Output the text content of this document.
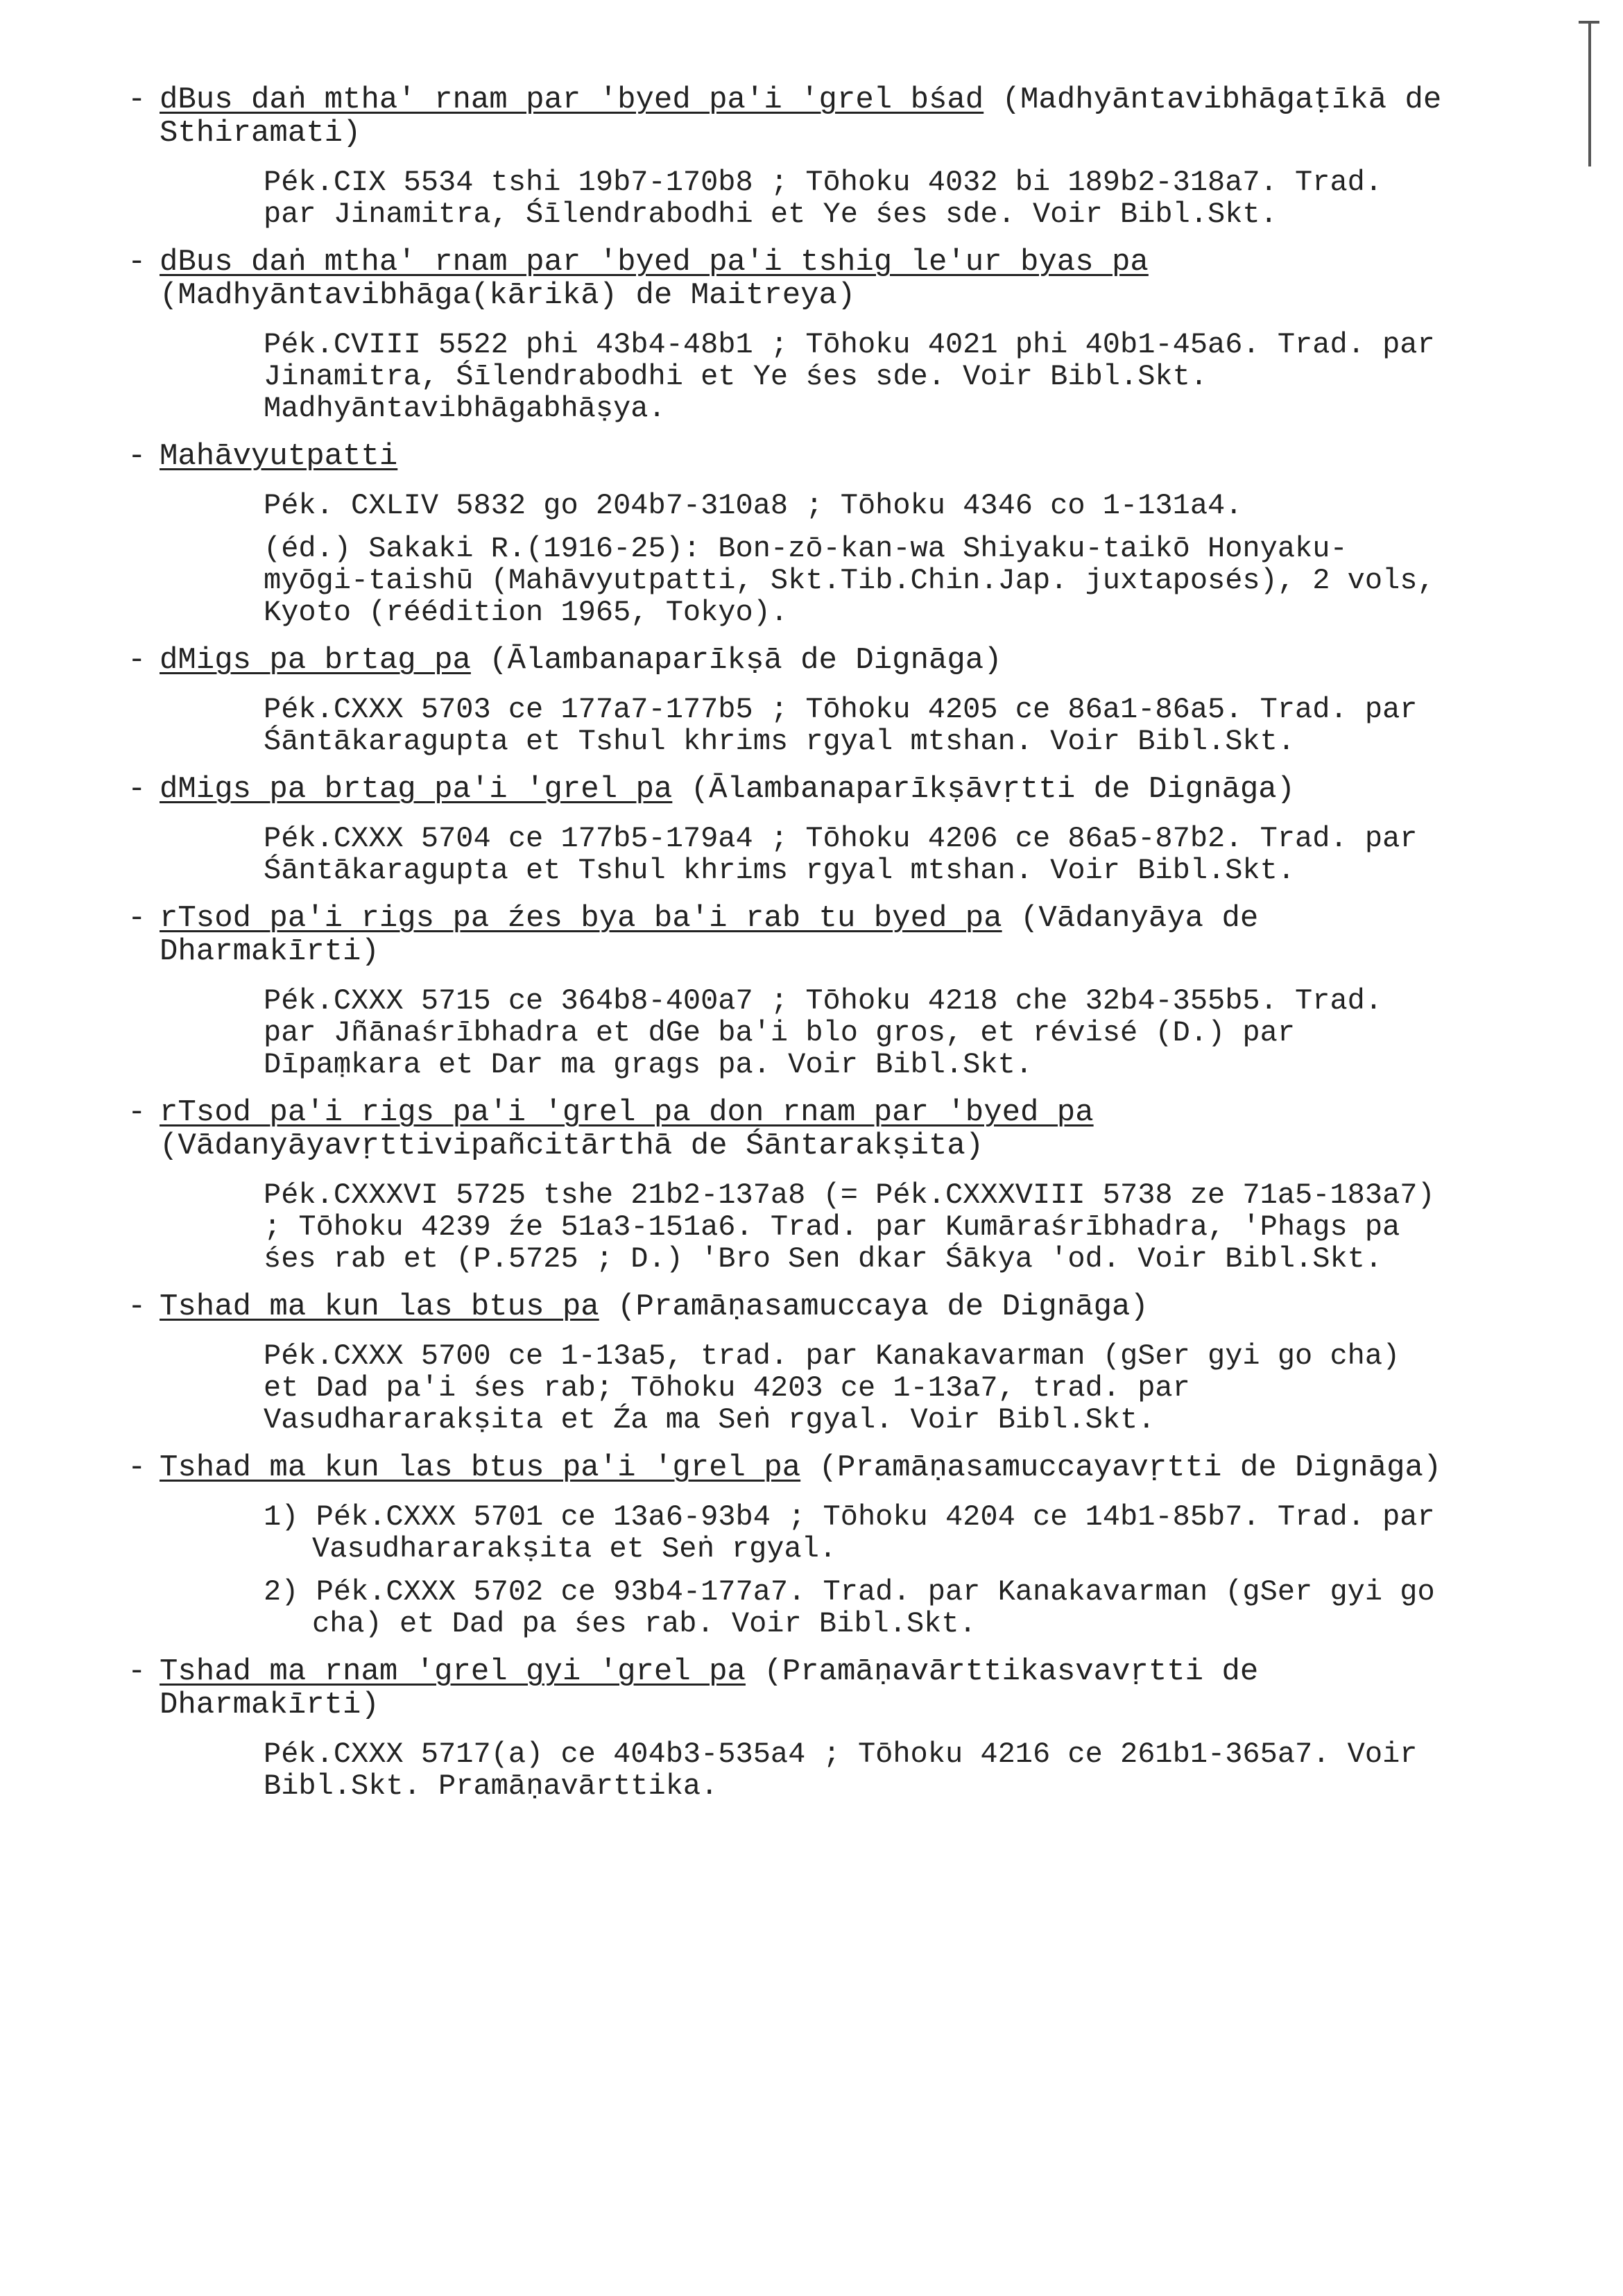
- dBus daṅ mtha' rnam par 'byed pa'i 'grel bśad (Madhyāntavibhāgaṭīkā de Sthiramati)

Pék.CIX 5534 tshi 19b7-170b8 ; Tōhoku 4032 bi 189b2-318a7. Trad. par Jinamitra, Śīlendrabodhi et Ye śes sde. Voir Bibl.Skt.

- dBus daṅ mtha' rnam par 'byed pa'i tshig le'ur byas pa (Madhyāntavibhāga(kārikā) de Maitreya)

Pék.CVIII 5522 phi 43b4-48b1 ; Tōhoku 4021 phi 40b1-45a6. Trad. par Jinamitra, Śīlendrabodhi et Ye śes sde. Voir Bibl.Skt. Madhyāntavibhāgabhāṣya.

- Mahāvyutpatti

Pék. CXLIV 5832 go 204b7-310a8 ; Tōhoku 4346 co 1-131a4.

(éd.) Sakaki R.(1916-25): Bon-zō-kan-wa Shiyaku-taikō Honyaku-myōgi-taishū (Mahāvyutpatti, Skt.Tib.Chin.Jap. juxtaposés), 2 vols, Kyoto (réédition 1965, Tokyo).

- dMigs pa brtag pa (Ālambanaparīkṣā de Dignāga)

Pék.CXXX 5703 ce 177a7-177b5 ; Tōhoku 4205 ce 86a1-86a5. Trad. par Śāntākaragupta et Tshul khrims rgyal mtshan. Voir Bibl.Skt.

- dMigs pa brtag pa'i 'grel pa (Ālambanaparīkṣāvṛtti de Dignāga)

Pék.CXXX 5704 ce 177b5-179a4 ; Tōhoku 4206 ce 86a5-87b2. Trad. par Śāntākaragupta et Tshul khrims rgyal mtshan. Voir Bibl.Skt.

- rTsod pa'i rigs pa źes bya ba'i rab tu byed pa (Vādanyāya de Dharmakīrti)

Pék.CXXX 5715 ce 364b8-400a7 ; Tōhoku 4218 che 32b4-355b5. Trad. par Jñānaśrībhadra et dGe ba'i blo gros, et révisé (D.) par Dīpaṃkara et Dar ma grags pa. Voir Bibl.Skt.

- rTsod pa'i rigs pa'i 'grel pa don rnam par 'byed pa (Vādanyāyavṛttivipañcitārthā de Śāntarakṣita)

Pék.CXXXVI 5725 tshe 21b2-137a8 (= Pék.CXXXVIII 5738 ze 71a5-183a7) ; Tōhoku 4239 źe 51a3-151a6. Trad. par Kumāraśrībhadra, 'Phags pa śes rab et (P.5725 ; D.) 'Bro Sen dkar Śākya 'od. Voir Bibl.Skt.

- Tshad ma kun las btus pa (Pramāṇasamuccaya de Dignāga)

Pék.CXXX 5700 ce 1-13a5, trad. par Kanakavarman (gSer gyi go cha) et Dad pa'i śes rab; Tōhoku 4203 ce 1-13a7, trad. par Vasudhararakṣita et Źa ma Seṅ rgyal. Voir Bibl.Skt.

- Tshad ma kun las btus pa'i 'grel pa (Pramāṇasamuccayavṛtti de Dignāga)

1) Pék.CXXX 5701 ce 13a6-93b4 ; Tōhoku 4204 ce 14b1-85b7. Trad. par Vasudhararakṣita et Seṅ rgyal.

2) Pék.CXXX 5702 ce 93b4-177a7. Trad. par Kanakavarman (gSer gyi go cha) et Dad pa śes rab. Voir Bibl.Skt.

- Tshad ma rnam 'grel gyi 'grel pa (Pramāṇavārttikasvavṛtti de Dharmakīrti)

Pék.CXXX 5717(a) ce 404b3-535a4 ; Tōhoku 4216 ce 261b1-365a7. Voir Bibl.Skt. Pramāṇavārttika.
